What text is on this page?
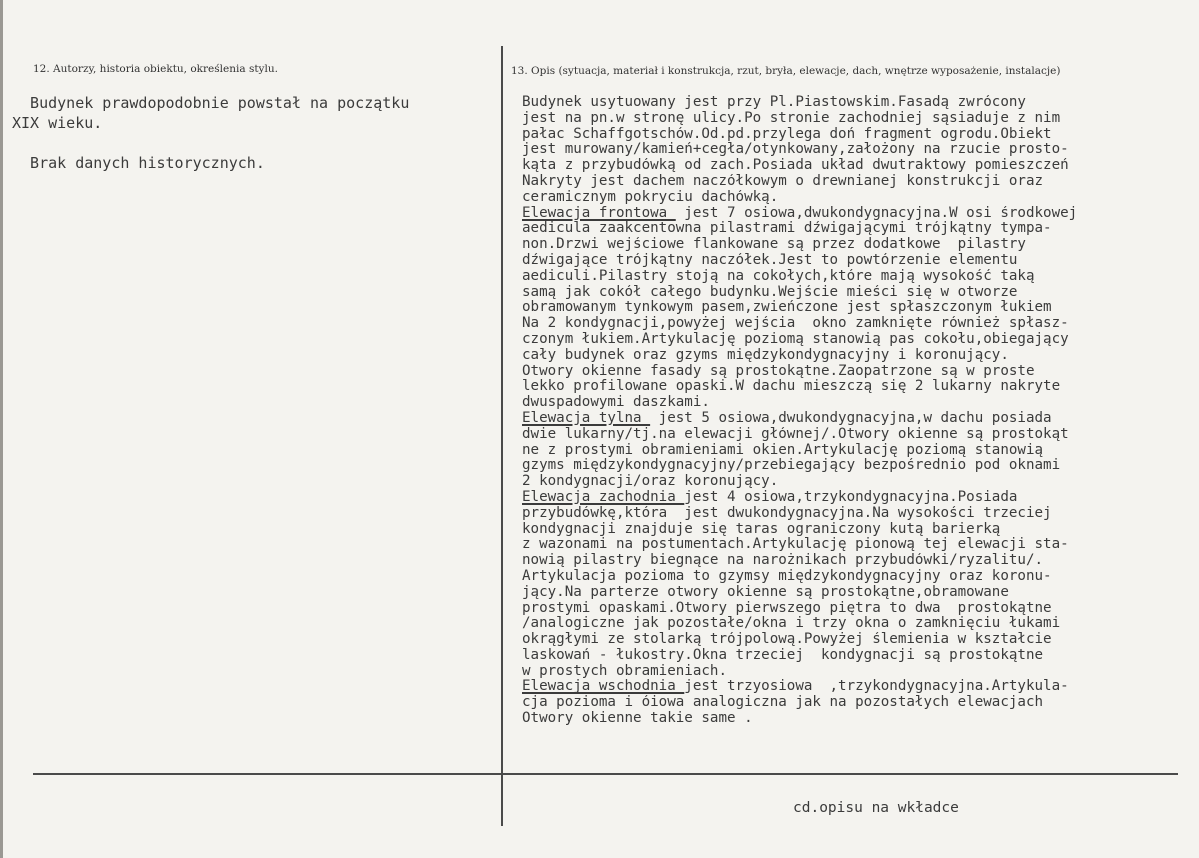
12. Autorzy, historia obiektu, określenia stylu.	13. Opis (sytuacja, materiał i konstrukcja, rzut, bryła, elewacje, dach, wnętrze wyposażenie, instalacje)
Budynek prawdopodobnie powstał na początku
XIX wieku.
Brak danych historycznych.
Budynek usytuowany jest przy Pl.Piastowskim.Fasadą zwrócony
jest na pn.w stronę ulicy.Po stronie zachodniej sąsiaduje z nim
pałac Schaffgotschów.Od.pd.przylega doń fragment ogrodu.Obiekt
jest murowany/kamień+cegła/otynkowany,założony na rzucie prosto-
kąta z przybudówką od zach.Posiada układ dwutraktowy pomieszczeń
Nakryty jest dachem naczółkowym o drewnianej konstrukcji oraz
ceramicznym pokryciu dachówką.
Elewacja frontowa  jest 7 osiowa,dwukondygnacyjna.W osi środkowej
aedicula zaakcentowna pilastrami dźwigającymi trójkątny tympa-
non.Drzwi wejściowe flankowane są przez dodatkowe  pilastry
dźwigające trójkątny naczółek.Jest to powtórzenie elementu
aediculi.Pilastry stoją na cokołych,które mają wysokość taką
samą jak cokół całego budynku.Wejście mieści się w otworze
obramowanym tynkowym pasem,zwieńczone jest spłaszczonym łukiem
Na 2 kondygnacji,powyżej wejścia  okno zamknięte również spłasz-
czonym łukiem.Artykulację poziomą stanowią pas cokołu,obiegający
cały budynek oraz gzyms międzykondygnacyjny i koronujący.
Otwory okienne fasady są prostokątne.Zaopatrzone są w proste
lekko profilowane opaski.W dachu mieszczą się 2 lukarny nakryte
dwuspadowymi daszkami.
Elewacja tylna  jest 5 osiowa,dwukondygnacyjna,w dachu posiada
dwie lukarny/tj.na elewacji głównej/.Otwory okienne są prostokąt
ne z prostymi obramieniami okien.Artykulację poziomą stanowią
gzyms międzykondygnacyjny/przebiegający bezpośrednio pod oknami
2 kondygnacji/oraz koronujący.
Elewacja zachodnia jest 4 osiowa,trzykondygnacyjna.Posiada
przybudówkę,która  jest dwukondygnacyjna.Na wysokości trzeciej
kondygnacji znajduje się taras ograniczony kutą barierką
z wazonami na postumentach.Artykulację pionową tej elewacji sta-
nowią pilastry biegnące na narożnikach przybudówki/ryzalitu/.
Artykulacja pozioma to gzymsy międzykondygnacyjny oraz koronu-
jący.Na parterze otwory okienne są prostokątne,obramowane
prostymi opaskami.Otwory pierwszego piętra to dwa  prostokątne
/analogiczne jak pozostałe/okna i trzy okna o zamknięciu łukami
okrągłymi ze stolarką trójpolową.Powyżej ślemienia w kształcie
laskowań - łukostry.Okna trzeciej  kondygnacji są prostokątne
w prostych obramieniach.
Elewacja wschodnia jest trzyosiowa  ,trzykondygnacyjna.Artykula-
cja pozioma i óiowa analogiczna jak na pozostałych elewacjach
Otwory okienne takie same .
cd.opisu na wkładce
